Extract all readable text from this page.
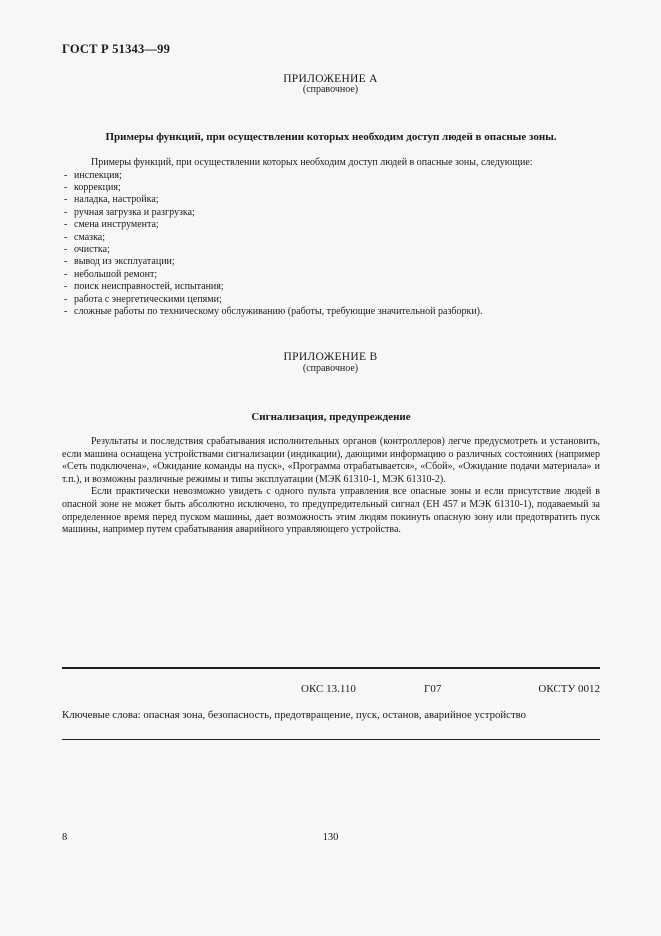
ГОСТ Р 51343—99
ПРИЛОЖЕНИЕ А
(справочное)
Примеры функций, при осуществлении которых необходим доступ людей в опасные зоны.

Примеры функций, при осуществлении которых необходим доступ людей в опасные зоны, следующие:

- инспекция;
- коррекция;
- наладка, настройка;
- ручная загрузка и разгрузка;
- смена инструмента;
- смазка;
- очистка;
- вывод из эксплуатации;
- небольшой ремонт;
- поиск неисправностей, испытания;
- работа с энергетическими цепями;
- сложные работы по техническому обслуживанию (работы, требующие значительной разборки).
ПРИЛОЖЕНИЕ В
(справочное)
Сигнализация, предупреждение

Результаты и последствия срабатывания исполнительных органов (контроллеров) легче предусмотреть и установить, если машина оснащена устройствами сигнализации (индикации), дающими информацию о различных состояниях (например «Сеть подключена», «Ожидание команды на пуск», «Программа отрабатывается», «Сбой», «Ожидание подачи материала» и т.п.), и возможны различные режимы и типы эксплуатации (МЭК 61310-1, МЭК 61310-2).

Если практически невозможно увидеть с одного пульта управления все опасные зоны и если присутствие людей в опасной зоне не может быть абсолютно исключено, то предупредительный сигнал (ЕН 457 и МЭК 61310-1), подаваемый за определенное время перед пуском машины, дает возможность этим людям покинуть опасную зону или предотвратить пуск машины, например путем срабатывания аварийного управляющего устройства.

ОКС 13.110	Г07	ОКСТУ 0012
Ключевые слова: опасная зона, безопасность, предотвращение, пуск, останов, аварийное устройство
8	130
